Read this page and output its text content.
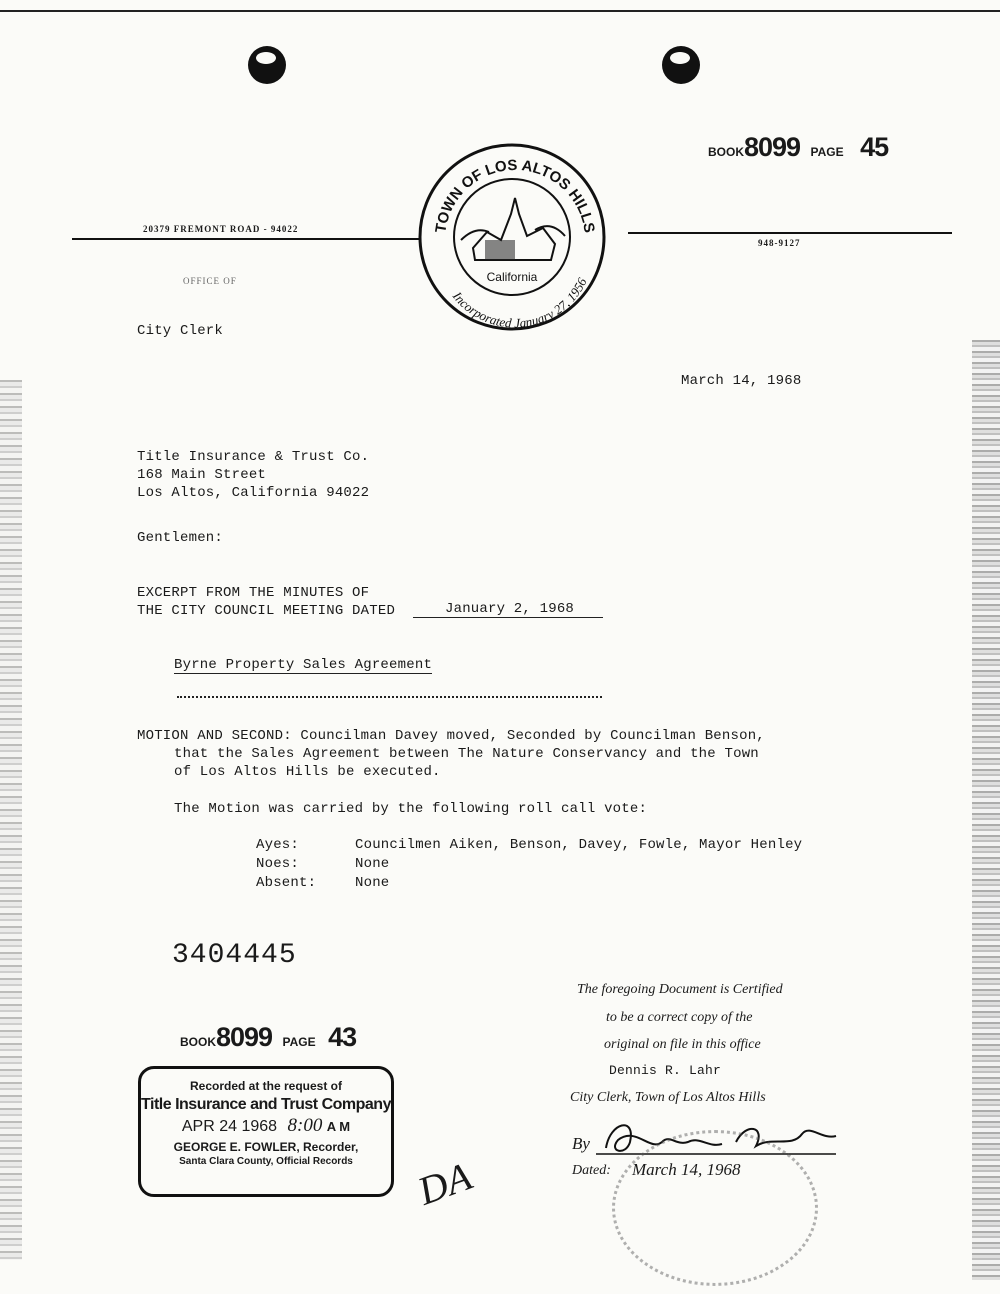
BOOK8099 PAGE 45
20379 FREMONT ROAD - 94022
948-9127
OFFICE OF
TOWN OF LOS ALTOS HILLS
Incorporated January 27, 1956
California
City Clerk
March 14, 1968
Title Insurance & Trust Co.
168 Main Street
Los Altos, California 94022
Gentlemen:
EXCERPT FROM THE MINUTES OF
THE CITY COUNCIL MEETING DATED	January 2, 1968
Byrne Property Sales Agreement
MOTION AND SECOND: Councilman Davey moved, Seconded by Councilman Benson,
that the Sales Agreement between The Nature Conservancy and the Town
of Los Altos Hills be executed.
The Motion was carried by the following roll call vote:
Ayes:	Councilmen Aiken, Benson, Davey, Fowle, Mayor Henley
Noes:	None
Absent:	None
3404445
BOOK8099 PAGE 43
Recorded at the request of
Title Insurance and Trust Company
APR 24 1968 8:00 A M
GEORGE E. FOWLER, Recorder,
Santa Clara County, Official Records	DA
The foregoing Document is Certified
to be a correct copy of the
original on file in this office
Dennis R. Lahr
City Clerk, Town of Los Altos Hills
By
Dated: March 14, 1968
